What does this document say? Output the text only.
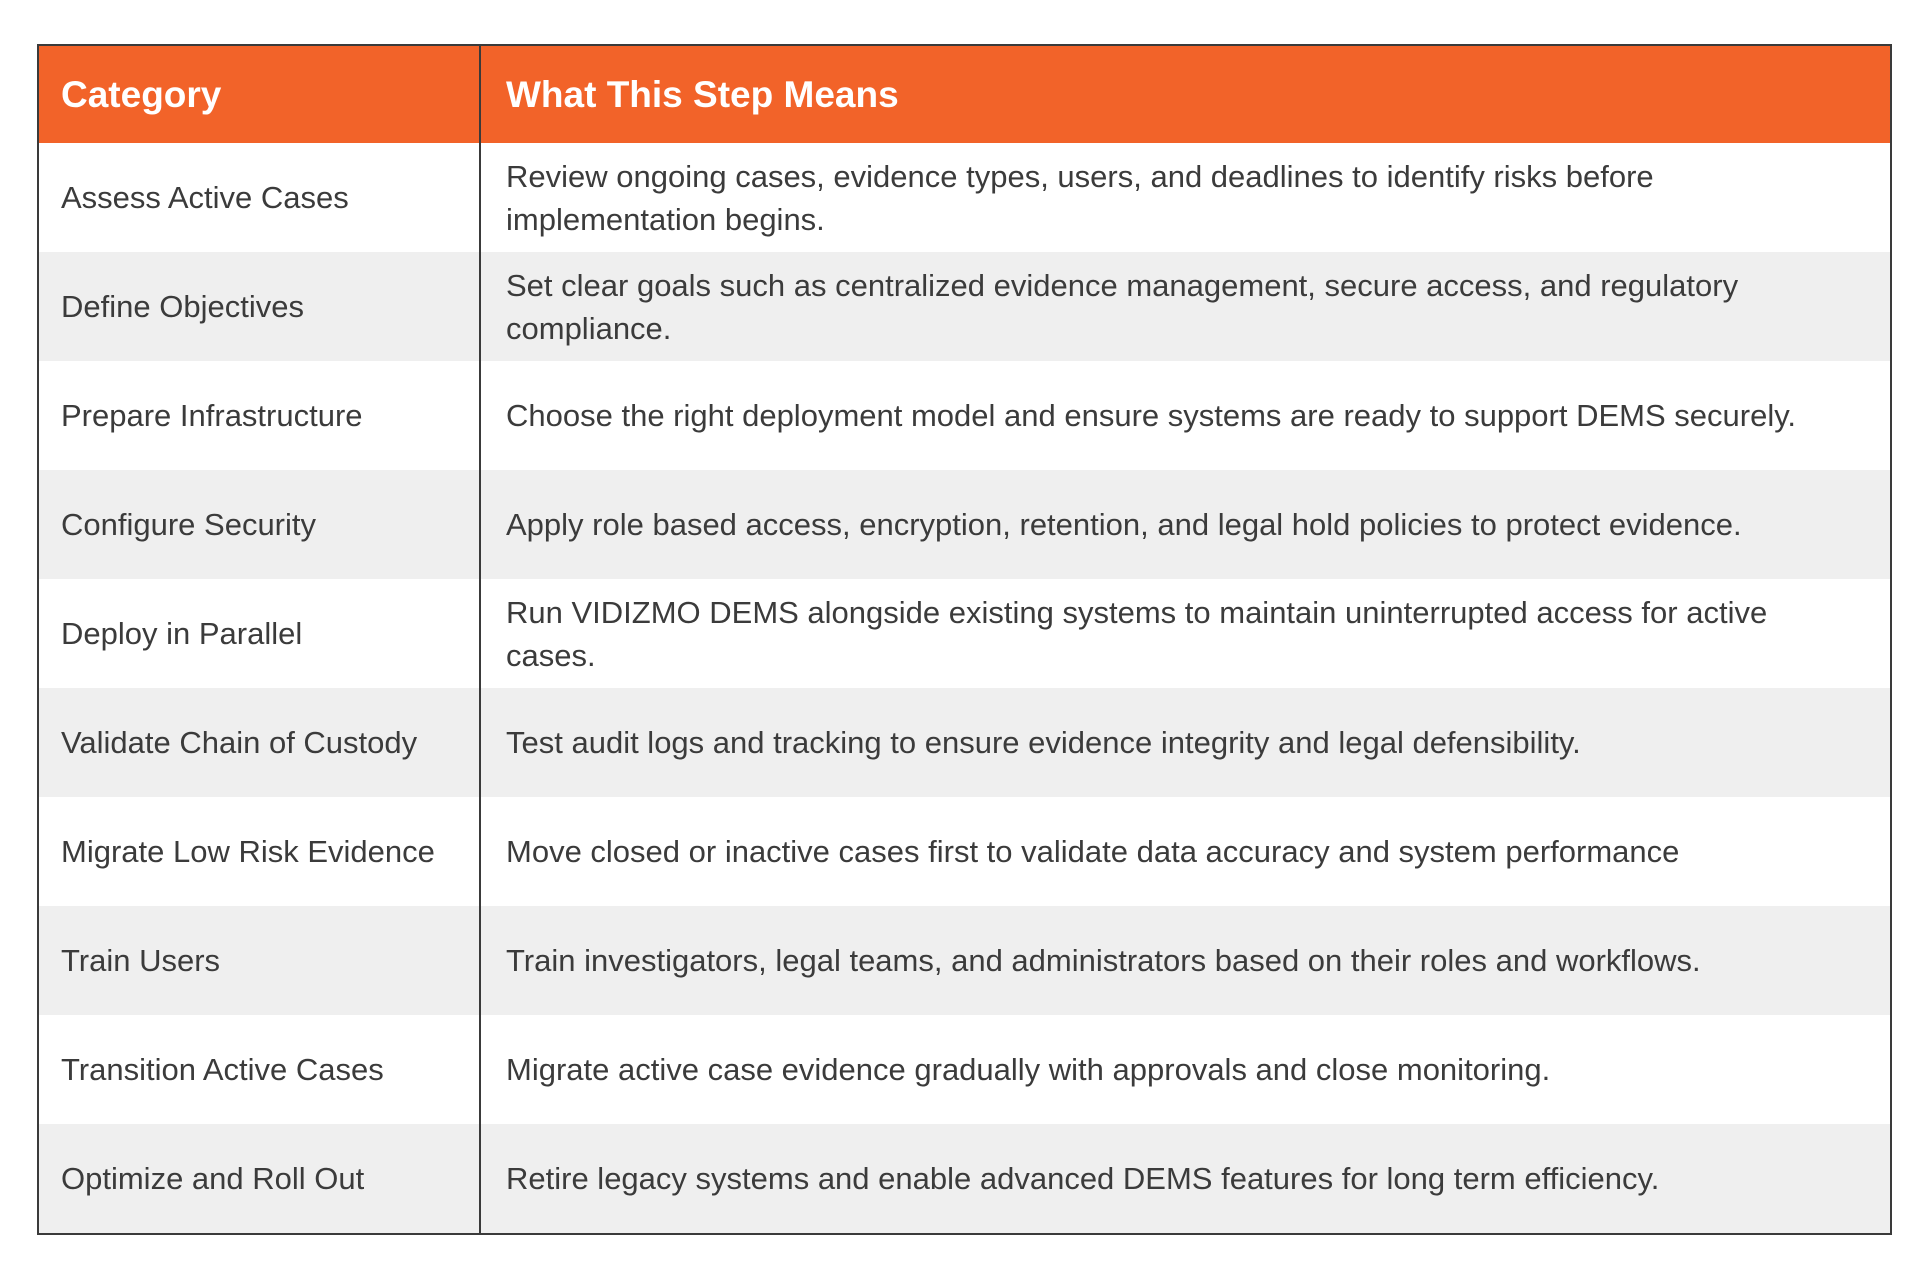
Category	What This Step Means
Assess Active Cases	Review ongoing cases, evidence types, users, and deadlines to identify risks before implementation begins.
Define Objectives	Set clear goals such as centralized evidence management, secure access, and regulatory compliance.
Prepare Infrastructure	Choose the right deployment model and ensure systems are ready to support DEMS securely.
Configure Security	Apply role based access, encryption, retention, and legal hold policies to protect evidence.
Deploy in Parallel	Run VIDIZMO DEMS alongside existing systems to maintain uninterrupted access for active cases.
Validate Chain of Custody	Test audit logs and tracking to ensure evidence integrity and legal defensibility.
Migrate Low Risk Evidence	Move closed or inactive cases first to validate data accuracy and system performance
Train Users	Train investigators, legal teams, and administrators based on their roles and workflows.
Transition Active Cases	Migrate active case evidence gradually with approvals and close monitoring.
Optimize and Roll Out	Retire legacy systems and enable advanced DEMS features for long term efficiency.
